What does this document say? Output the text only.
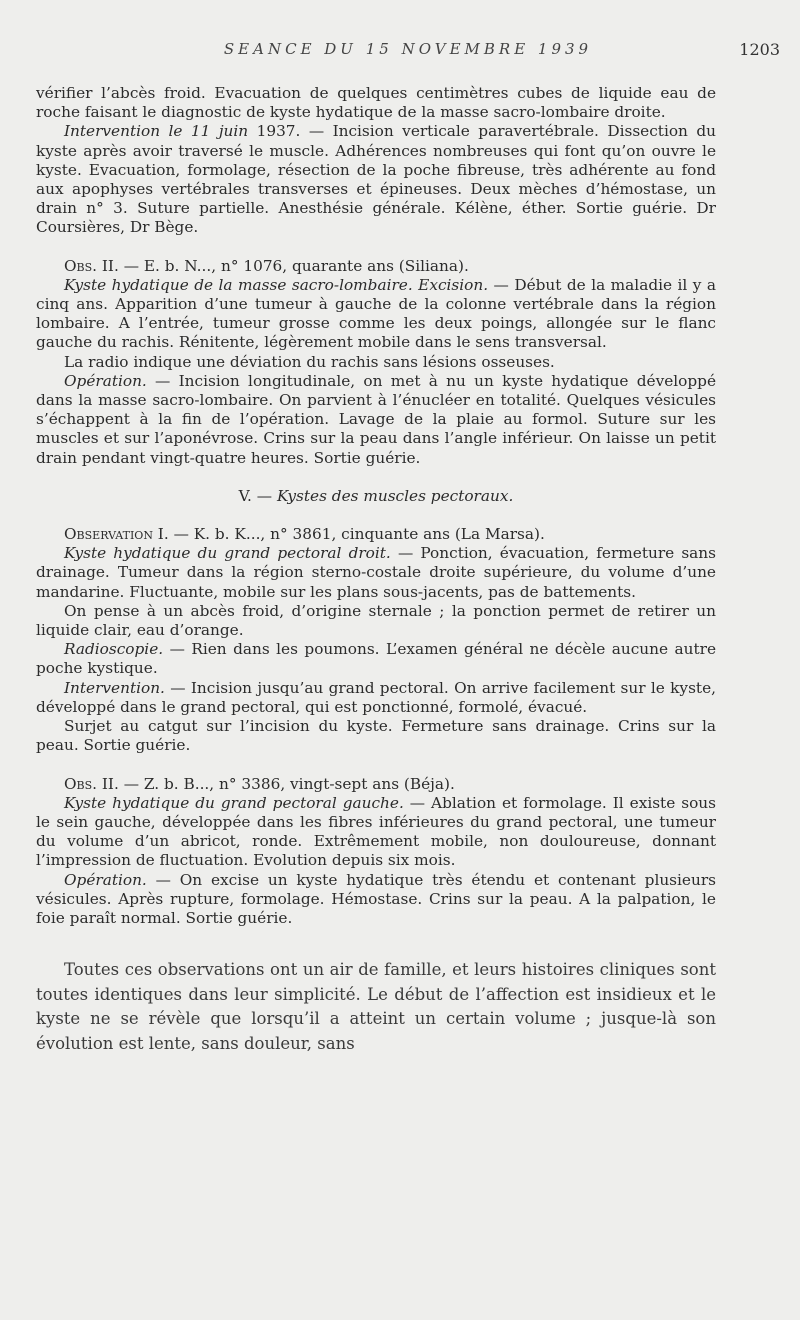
SEANCE DU 15 NOVEMBRE 1939	1203

vérifier l’abcès froid. Evacuation de quelques centimètres cubes de liquide eau de roche faisant le diagnostic de kyste hydatique de la masse sacro-lombaire droite.

Intervention le 11 juin 1937. — Incision verticale paravertébrale. Dissection du kyste après avoir traversé le muscle. Adhérences nombreuses qui font qu’on ouvre le kyste. Evacuation, formolage, résection de la poche fibreuse, très adhérente au fond aux apophyses vertébrales transverses et épineuses. Deux mèches d’hémostase, un drain n° 3. Suture partielle. Anesthésie générale. Kélène, éther. Sortie guérie. Dr Coursières, Dr Bège.

Obs. II. — E. b. N..., n° 1076, quarante ans (Siliana).

Kyste hydatique de la masse sacro-lombaire. Excision. — Début de la maladie il y a cinq ans. Apparition d’une tumeur à gauche de la colonne vertébrale dans la région lombaire. A l’entrée, tumeur grosse comme les deux poings, allongée sur le flanc gauche du rachis. Rénitente, légèrement mobile dans le sens transversal.

La radio indique une déviation du rachis sans lésions osseuses.

Opération. — Incision longitudinale, on met à nu un kyste hydatique développé dans la masse sacro-lombaire. On parvient à l’énucléer en totalité. Quelques vésicules s’échappent à la fin de l’opération. Lavage de la plaie au formol. Suture sur les muscles et sur l’aponévrose. Crins sur la peau dans l’angle inférieur. On laisse un petit drain pendant vingt-quatre heures. Sortie guérie.

V. — Kystes des muscles pectoraux.

Observation I. — K. b. K..., n° 3861, cinquante ans (La Marsa).

Kyste hydatique du grand pectoral droit. — Ponction, évacuation, fermeture sans drainage. Tumeur dans la région sterno-costale droite supérieure, du volume d’une mandarine. Fluctuante, mobile sur les plans sous-jacents, pas de battements.

On pense à un abcès froid, d’origine sternale ; la ponction permet de retirer un liquide clair, eau d’orange.

Radioscopie. — Rien dans les poumons. L’examen général ne décèle aucune autre poche kystique.

Intervention. — Incision jusqu’au grand pectoral. On arrive facilement sur le kyste, développé dans le grand pectoral, qui est ponctionné, formolé, évacué.

Surjet au catgut sur l’incision du kyste. Fermeture sans drainage. Crins sur la peau. Sortie guérie.

Obs. II. — Z. b. B..., n° 3386, vingt-sept ans (Béja).

Kyste hydatique du grand pectoral gauche. — Ablation et formolage. Il existe sous le sein gauche, développée dans les fibres inférieures du grand pectoral, une tumeur du volume d’un abricot, ronde. Extrêmement mobile, non douloureuse, donnant l’impression de fluctuation. Evolution depuis six mois.

Opération. — On excise un kyste hydatique très étendu et contenant plusieurs vésicules. Après rupture, formolage. Hémostase. Crins sur la peau. A la palpation, le foie paraît normal. Sortie guérie.

Toutes ces observations ont un air de famille, et leurs histoires cliniques sont toutes identiques dans leur simplicité. Le début de l’affection est insidieux et le kyste ne se révèle que lorsqu’il a atteint un certain volume ; jusque-là son évolution est lente, sans douleur, sans
